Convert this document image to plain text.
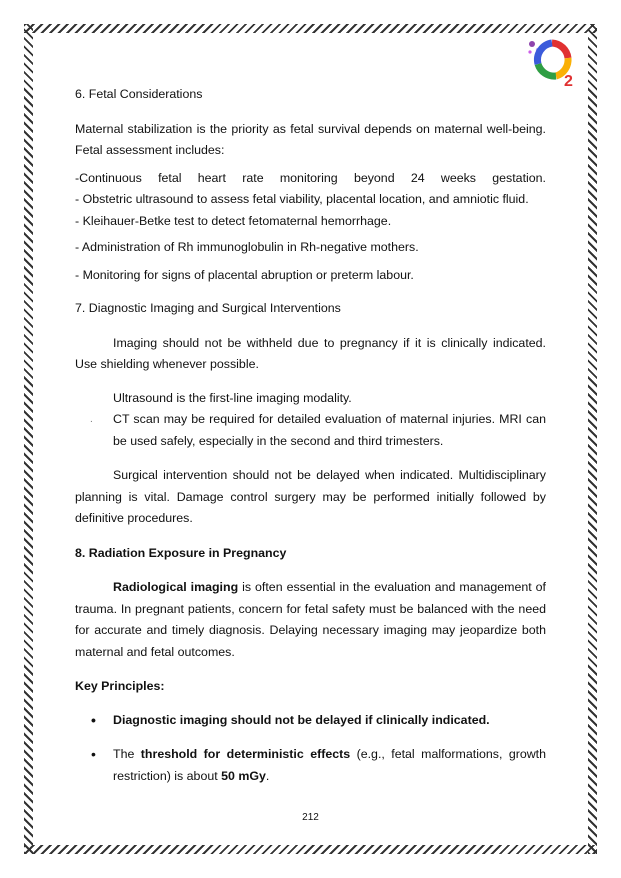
2

6. Fetal Considerations

Maternal stabilization is the priority as fetal survival depends on maternal well-being. Fetal assessment includes:

-Continuous fetal heart rate monitoring beyond 24 weeks gestation.

- Obstetric ultrasound to assess fetal viability, placental location, and amniotic fluid.

- Kleihauer-Betke test to detect fetomaternal hemorrhage.

- Administration of Rh immunoglobulin in Rh-negative mothers.

- Monitoring for signs of placental abruption or preterm labour.

7. Diagnostic Imaging and Surgical Interventions

Imaging should not be withheld due to pregnancy if it is clinically indicated. Use shielding whenever possible.

Ultrasound is the first-line imaging modality.

. CT scan may be required for detailed evaluation of maternal injuries. MRI can be used safely, especially in the second and third trimesters.

Surgical intervention should not be delayed when indicated. Multidisciplinary planning is vital. Damage control surgery may be performed initially followed by definitive procedures.

8. Radiation Exposure in Pregnancy

Radiological imaging is often essential in the evaluation and management of trauma. In pregnant patients, concern for fetal safety must be balanced with the need for accurate and timely diagnosis. Delaying necessary imaging may jeopardize both maternal and fetal outcomes.

Key Principles:

• Diagnostic imaging should not be delayed if clinically indicated.
• The threshold for deterministic effects (e.g., fetal malformations, growth restriction) is about 50 mGy.
212
